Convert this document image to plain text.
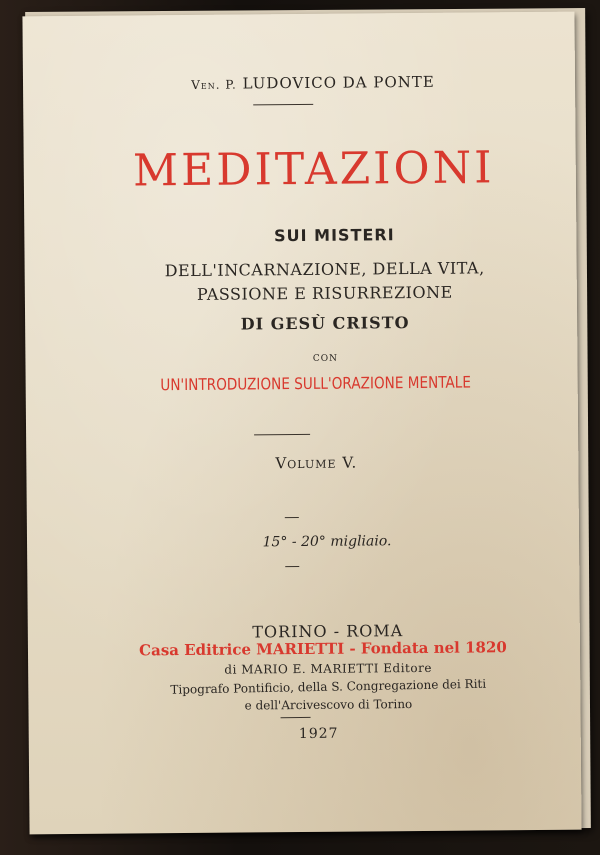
Ven. P. LUDOVICO DA PONTE
MEDITAZIONI
SUI MISTERI
DELL'INCARNAZIONE, DELLA VITA,
PASSIONE E RISURREZIONE
DI GESÙ CRISTO
CON
UN'INTRODUZIONE SULL'ORAZIONE MENTALE
Volume V.
15° - 20° migliaio.
TORINO - ROMA
Casa Editrice MARIETTI - Fondata nel 1820
di MARIO E. MARIETTI Editore
Tipografo Pontificio, della S. Congregazione dei Riti
e dell'Arcivescovo di Torino
1927
